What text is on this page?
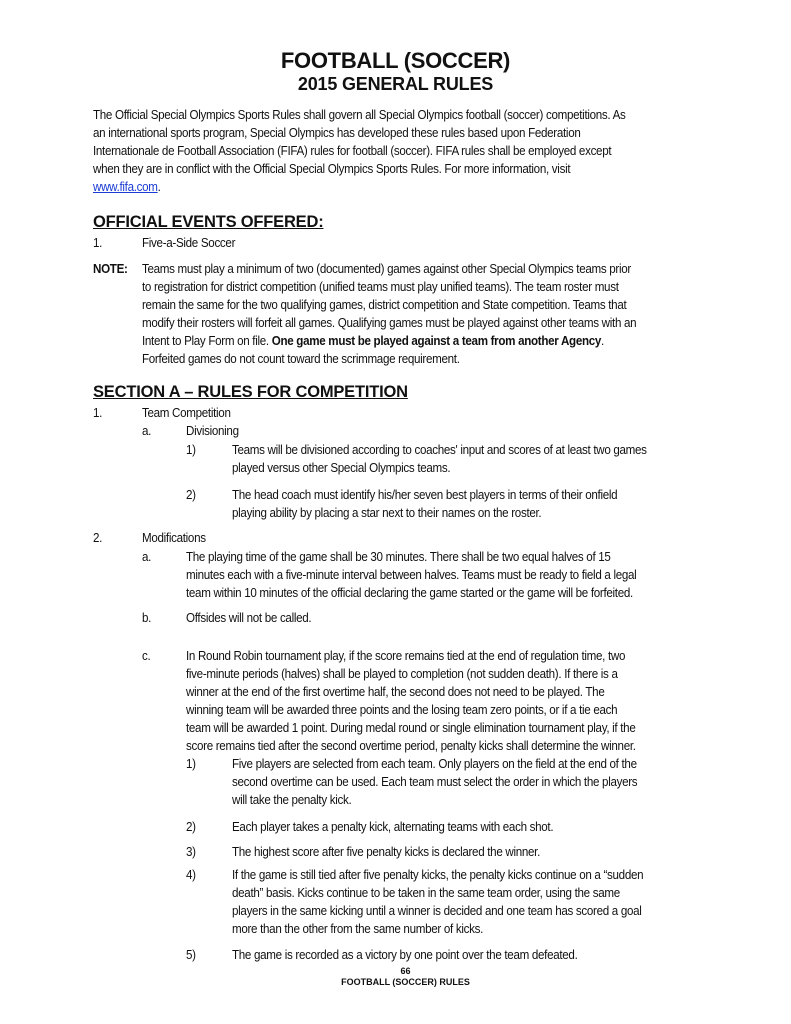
FOOTBALL (SOCCER)
2015 GENERAL RULES
The Official Special Olympics Sports Rules shall govern all Special Olympics football (soccer) competitions. As
an international sports program, Special Olympics has developed these rules based upon Federation
Internationale de Football Association (FIFA) rules for football (soccer). FIFA rules shall be employed except
when they are in conflict with the Official Special Olympics Sports Rules. For more information, visit
www.fifa.com.
OFFICIAL EVENTS OFFERED:
1.	Five-a-Side Soccer
NOTE: Teams must play a minimum of two (documented) games against other Special Olympics teams prior
to registration for district competition (unified teams must play unified teams). The team roster must
remain the same for the two qualifying games, district competition and State competition. Teams that
modify their rosters will forfeit all games. Qualifying games must be played against other teams with an
Intent to Play Form on file. One game must be played against a team from another Agency.
Forfeited games do not count toward the scrimmage requirement.
SECTION A – RULES FOR COMPETITION
1.	Team Competition
a.	Divisioning
1)	Teams will be divisioned according to coaches' input and scores of at least two games
played versus other Special Olympics teams.
2)	The head coach must identify his/her seven best players in terms of their onfield
playing ability by placing a star next to their names on the roster.
2.	Modifications
a.	The playing time of the game shall be 30 minutes. There shall be two equal halves of 15
minutes each with a five-minute interval between halves. Teams must be ready to field a legal
team within 10 minutes of the official declaring the game started or the game will be forfeited.
b.	Offsides will not be called.
c.	In Round Robin tournament play, if the score remains tied at the end of regulation time, two
five-minute periods (halves) shall be played to completion (not sudden death). If there is a
winner at the end of the first overtime half, the second does not need to be played. The
winning team will be awarded three points and the losing team zero points, or if a tie each
team will be awarded 1 point. During medal round or single elimination tournament play, if the
score remains tied after the second overtime period, penalty kicks shall determine the winner.
1)	Five players are selected from each team. Only players on the field at the end of the
second overtime can be used. Each team must select the order in which the players
will take the penalty kick.
2)	Each player takes a penalty kick, alternating teams with each shot.
3)	The highest score after five penalty kicks is declared the winner.
4)	If the game is still tied after five penalty kicks, the penalty kicks continue on a “sudden
death” basis. Kicks continue to be taken in the same team order, using the same
players in the same kicking until a winner is decided and one team has scored a goal
more than the other from the same number of kicks.
5)	The game is recorded as a victory by one point over the team defeated.
66
FOOTBALL (SOCCER) RULES
